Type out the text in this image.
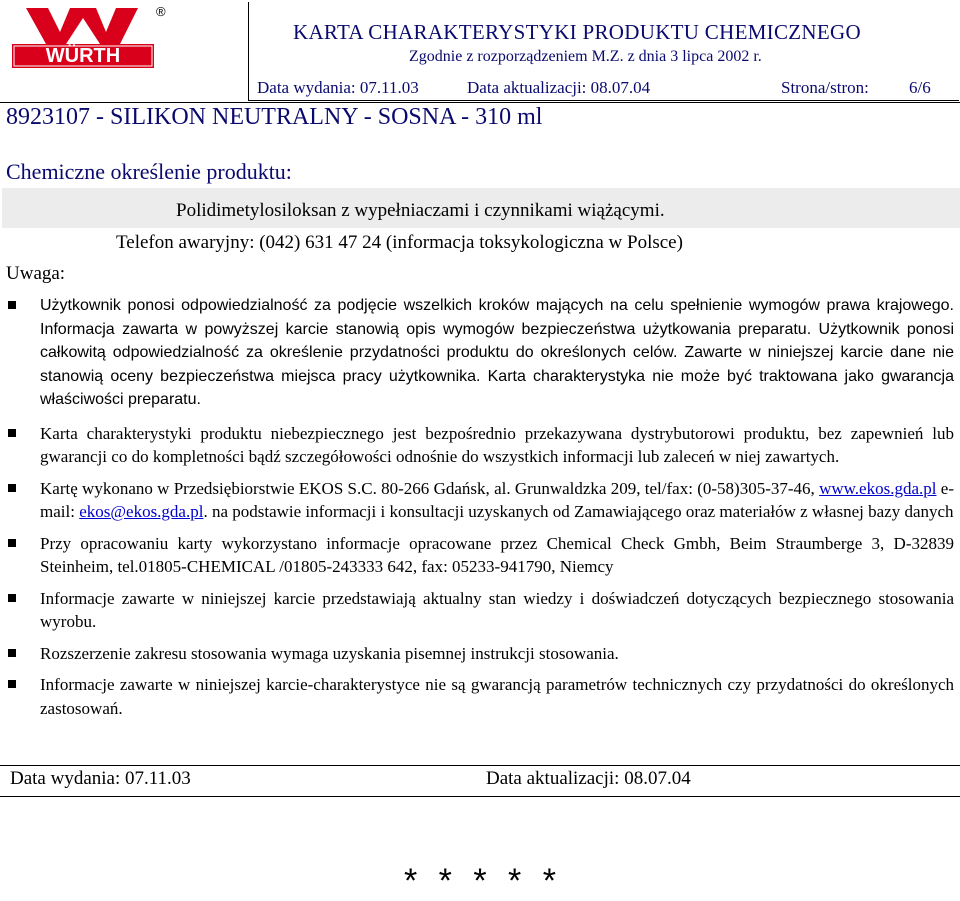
WÜRTH
®
KARTA CHARAKTERYSTYKI PRODUKTU CHEMICZNEGO
Zgodnie z rozporządzeniem M.Z. z dnia 3 lipca 2002 r.
Data wydania: 07.11.03	Data aktualizacji: 08.07.04	Strona/stron: 6/6
8923107 - SILIKON NEUTRALNY - SOSNA - 310 ml
Chemiczne określenie produktu:
Polidimetylosiloksan z wypełniaczami i czynnikami wiążącymi.
Telefon awaryjny: (042) 631 47 24 (informacja toksykologiczna w Polsce)
Uwaga:
Użytkownik ponosi odpowiedzialność za podjęcie wszelkich kroków mających na celu spełnienie wymogów prawa krajowego. Informacja zawarta w powyższej karcie stanowią opis wymogów bezpieczeństwa użytkowania preparatu. Użytkownik ponosi całkowitą odpowiedzialność za określenie przydatności produktu do określonych celów. Zawarte w niniejszej karcie dane nie stanowią oceny bezpieczeństwa miejsca pracy użytkownika. Karta charakterystyka nie może być traktowana jako gwarancja właściwości preparatu.
Karta charakterystyki produktu niebezpiecznego jest bezpośrednio przekazywana dystrybutorowi produktu, bez zapewnień lub gwarancji co do kompletności bądź szczegółowości odnośnie do wszystkich informacji lub zaleceń w niej zawartych.
Kartę wykonano w Przedsiębiorstwie EKOS S.C. 80-266 Gdańsk, al. Grunwaldzka 209, tel/fax: (0-58)305-37-46, www.ekos.gda.pl e-mail: ekos@ekos.gda.pl. na podstawie informacji i konsultacji uzyskanych od Zamawiającego oraz materiałów z własnej bazy danych
Przy opracowaniu karty wykorzystano informacje opracowane przez Chemical Check Gmbh, Beim Straumberge 3, D-32839 Steinheim, tel.01805-CHEMICAL /01805-243333 642, fax: 05233-941790, Niemcy
Informacje zawarte w niniejszej karcie przedstawiają aktualny stan wiedzy i doświadczeń dotyczących bezpiecznego stosowania wyrobu.
Rozszerzenie zakresu stosowania wymaga uzyskania pisemnej instrukcji stosowania.
Informacje zawarte w niniejszej karcie-charakterystyce nie są gwarancją parametrów technicznych czy przydatności do określonych zastosowań.
Data wydania: 07.11.03	Data aktualizacji: 08.07.04
* * * * *
